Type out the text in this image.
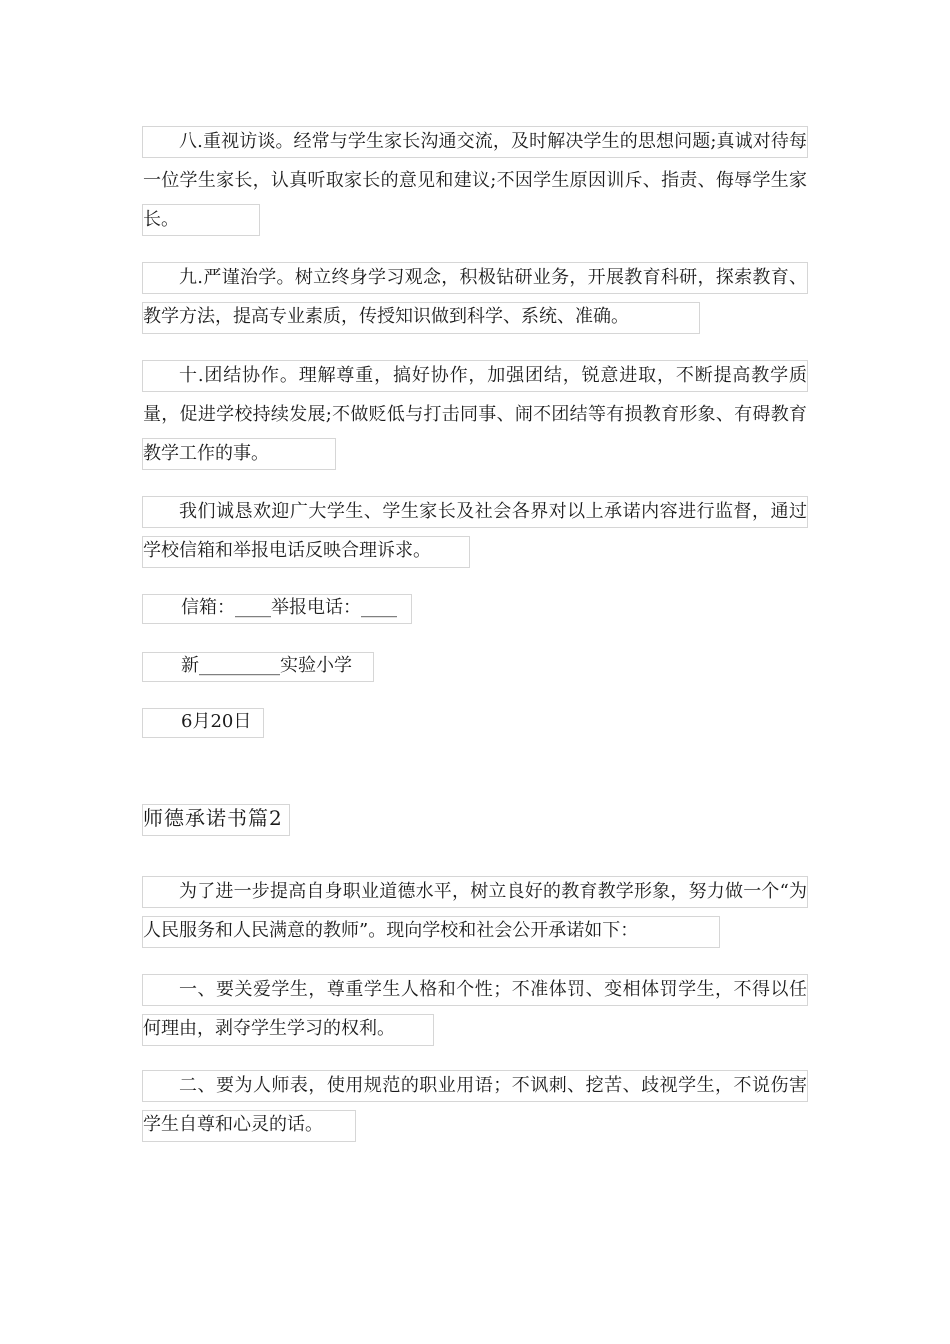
八.重视访谈。经常与学生家长沟通交流，及时解决学生的思想问题;真诚对待每一位学生家长，认真听取家长的意见和建议;不因学生原因训斥、指责、侮辱学生家长。

九.严谨治学。树立终身学习观念，积极钻研业务，开展教育科研，探索教育、教学方法，提高专业素质，传授知识做到科学、系统、准确。

十.团结协作。理解尊重，搞好协作，加强团结，锐意进取，不断提高教学质量，促进学校持续发展;不做贬低与打击同事、闹不团结等有损教育形象、有碍教育教学工作的事。

我们诚恳欢迎广大学生、学生家长及社会各界对以上承诺内容进行监督，通过学校信箱和举报电话反映合理诉求。

信箱：____举报电话：____
新_________实验小学
6月20日
师德承诺书篇2

为了进一步提高自身职业道德水平，树立良好的教育教学形象，努力做一个“为人民服务和人民满意的教师”。现向学校和社会公开承诺如下：

一、要关爱学生，尊重学生人格和个性；不准体罚、变相体罚学生，不得以任何理由，剥夺学生学习的权利。

二、要为人师表，使用规范的职业用语；不讽刺、挖苦、歧视学生，不说伤害学生自尊和心灵的话。
